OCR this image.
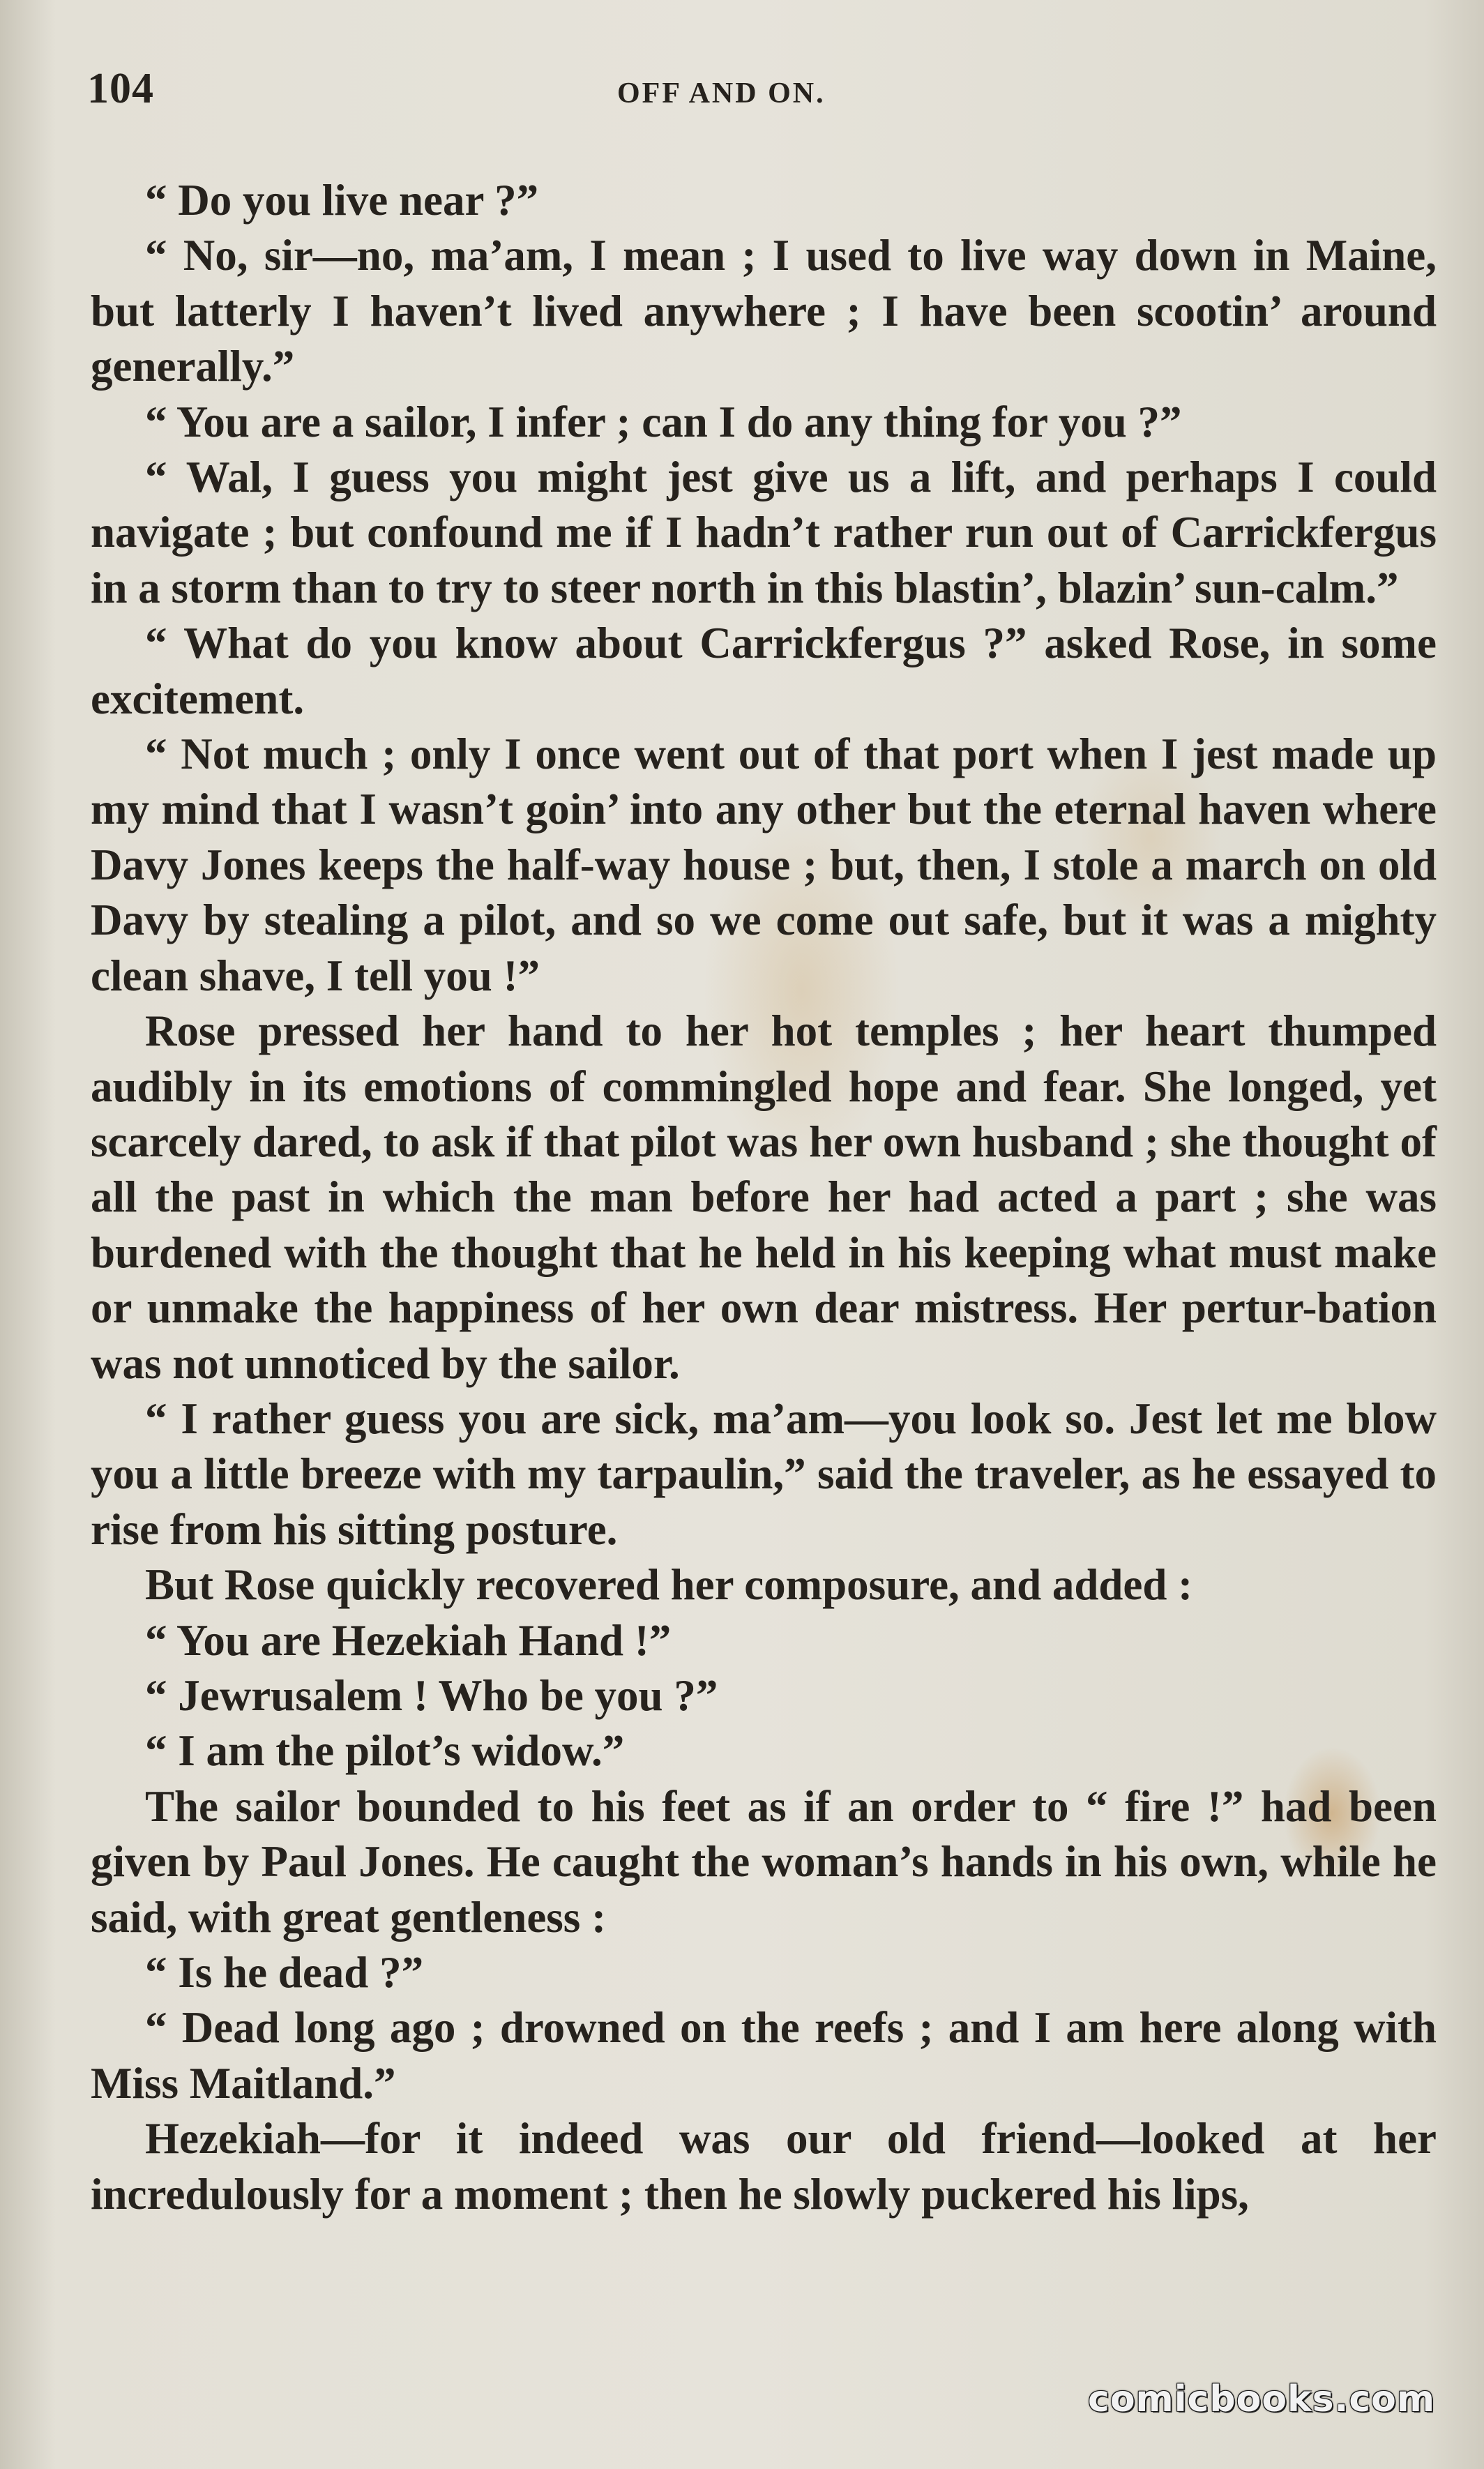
104	OFF AND ON.

“ Do you live near ?”

“ No, sir—no, ma’am, I mean ; I used to live way down in Maine, but latterly I haven’t lived anywhere ; I have been scootin’ around generally.”

“ You are a sailor, I infer ; can I do any thing for you ?”

“ Wal, I guess you might jest give us a lift, and perhaps I could navigate ; but confound me if I hadn’t rather run out of Carrickfergus in a storm than to try to steer north in this blastin’, blazin’ sun-calm.”

“ What do you know about Carrickfergus ?” asked Rose, in some excitement.

“ Not much ; only I once went out of that port when I jest made up my mind that I wasn’t goin’ into any other but the eternal haven where Davy Jones keeps the half-way house ; but, then, I stole a march on old Davy by stealing a pilot, and so we come out safe, but it was a mighty clean shave, I tell you !”

Rose pressed her hand to her hot temples ; her heart thumped audibly in its emotions of commingled hope and fear. She longed, yet scarcely dared, to ask if that pilot was her own husband ; she thought of all the past in which the man before her had acted a part ; she was burdened with the thought that he held in his keeping what must make or unmake the happiness of her own dear mistress. Her pertur-bation was not unnoticed by the sailor.

“ I rather guess you are sick, ma’am—you look so. Jest let me blow you a little breeze with my tarpaulin,” said the traveler, as he essayed to rise from his sitting posture.

But Rose quickly recovered her composure, and added :

“ You are Hezekiah Hand !”

“ Jewrusalem ! Who be you ?”

“ I am the pilot’s widow.”

The sailor bounded to his feet as if an order to “ fire !” had been given by Paul Jones. He caught the woman’s hands in his own, while he said, with great gentleness :

“ Is he dead ?”

“ Dead long ago ; drowned on the reefs ; and I am here along with Miss Maitland.”

Hezekiah—for it indeed was our old friend—looked at her incredulously for a moment ; then he slowly puckered his lips,

comicbooks.com
